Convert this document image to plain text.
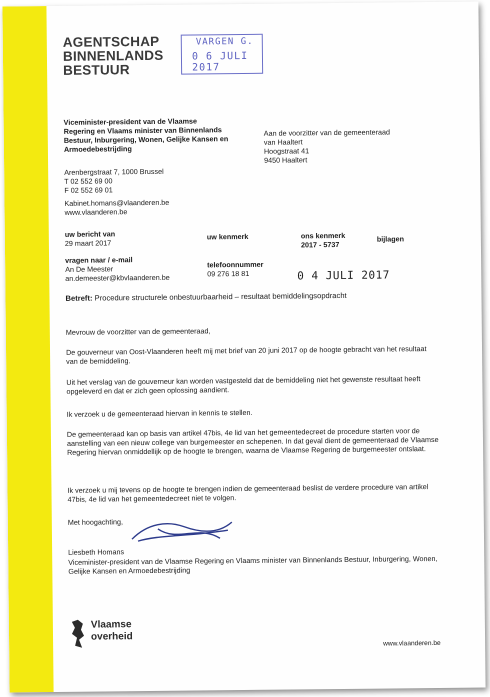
AGENTSCHAP
BINNENLANDS
BESTUUR
VARGEN G.
0 6 JULI 2017
Viceminister-president van de Vlaamse
Regering en Vlaams minister van Binnenlands
Bestuur, Inburgering, Wonen, Gelijke Kansen en
Armoedebestrijding
Aan de voorzitter van de gemeenteraad
van Haaltert
Hoogstraat 41
9450 Haaltert
Arenbergstraat 7, 1000 Brussel
T 02 552 69 00
F 02 552 69 01
Kabinet.homans@vlaanderen.be
www.vlaanderen.be
uw bericht van
29 maart 2017
uw kenmerk	ons kenmerk
2017 - 5737
bijlagen
vragen naar / e-mail
An De Meester
an.demeester@kbvlaanderen.be
telefoonnummer
09 276 18 81	0 4 JULI 2017
Betreft: Procedure structurele onbestuurbaarheid – resultaat bemiddelingsopdracht
Mevrouw de voorzitter van de gemeenteraad,
De gouverneur van Oost-Vlaanderen heeft mij met brief van 20 juni 2017 op de hoogte gebracht van het resultaat van de bemiddeling.
Uit het verslag van de gouverneur kan worden vastgesteld dat de bemiddeling niet het gewenste resultaat heeft opgeleverd en dat er zich geen oplossing aandient.
Ik verzoek u de gemeenteraad hiervan in kennis te stellen.
De gemeenteraad kan op basis van artikel 47bis, 4e lid van het gemeentedecreet de procedure starten voor de aanstelling van een nieuw college van burgemeester en schepenen. In dat geval dient de gemeenteraad de Vlaamse Regering hiervan onmiddellijk op de hoogte te brengen, waarna de Vlaamse Regering de burgemeester ontslaat.
Ik verzoek u mij tevens op de hoogte te brengen indien de gemeenteraad beslist de verdere procedure van artikel 47bis, 4e lid van het gemeentedecreet niet te volgen.
Met hoogachting,
Liesbeth Homans
Viceminister-president van de Vlaamse Regering en Vlaams minister van Binnenlands Bestuur, Inburgering, Wonen, Gelijke Kansen en Armoedebestrijding
Vlaamse
overheid
www.vlaanderen.be
